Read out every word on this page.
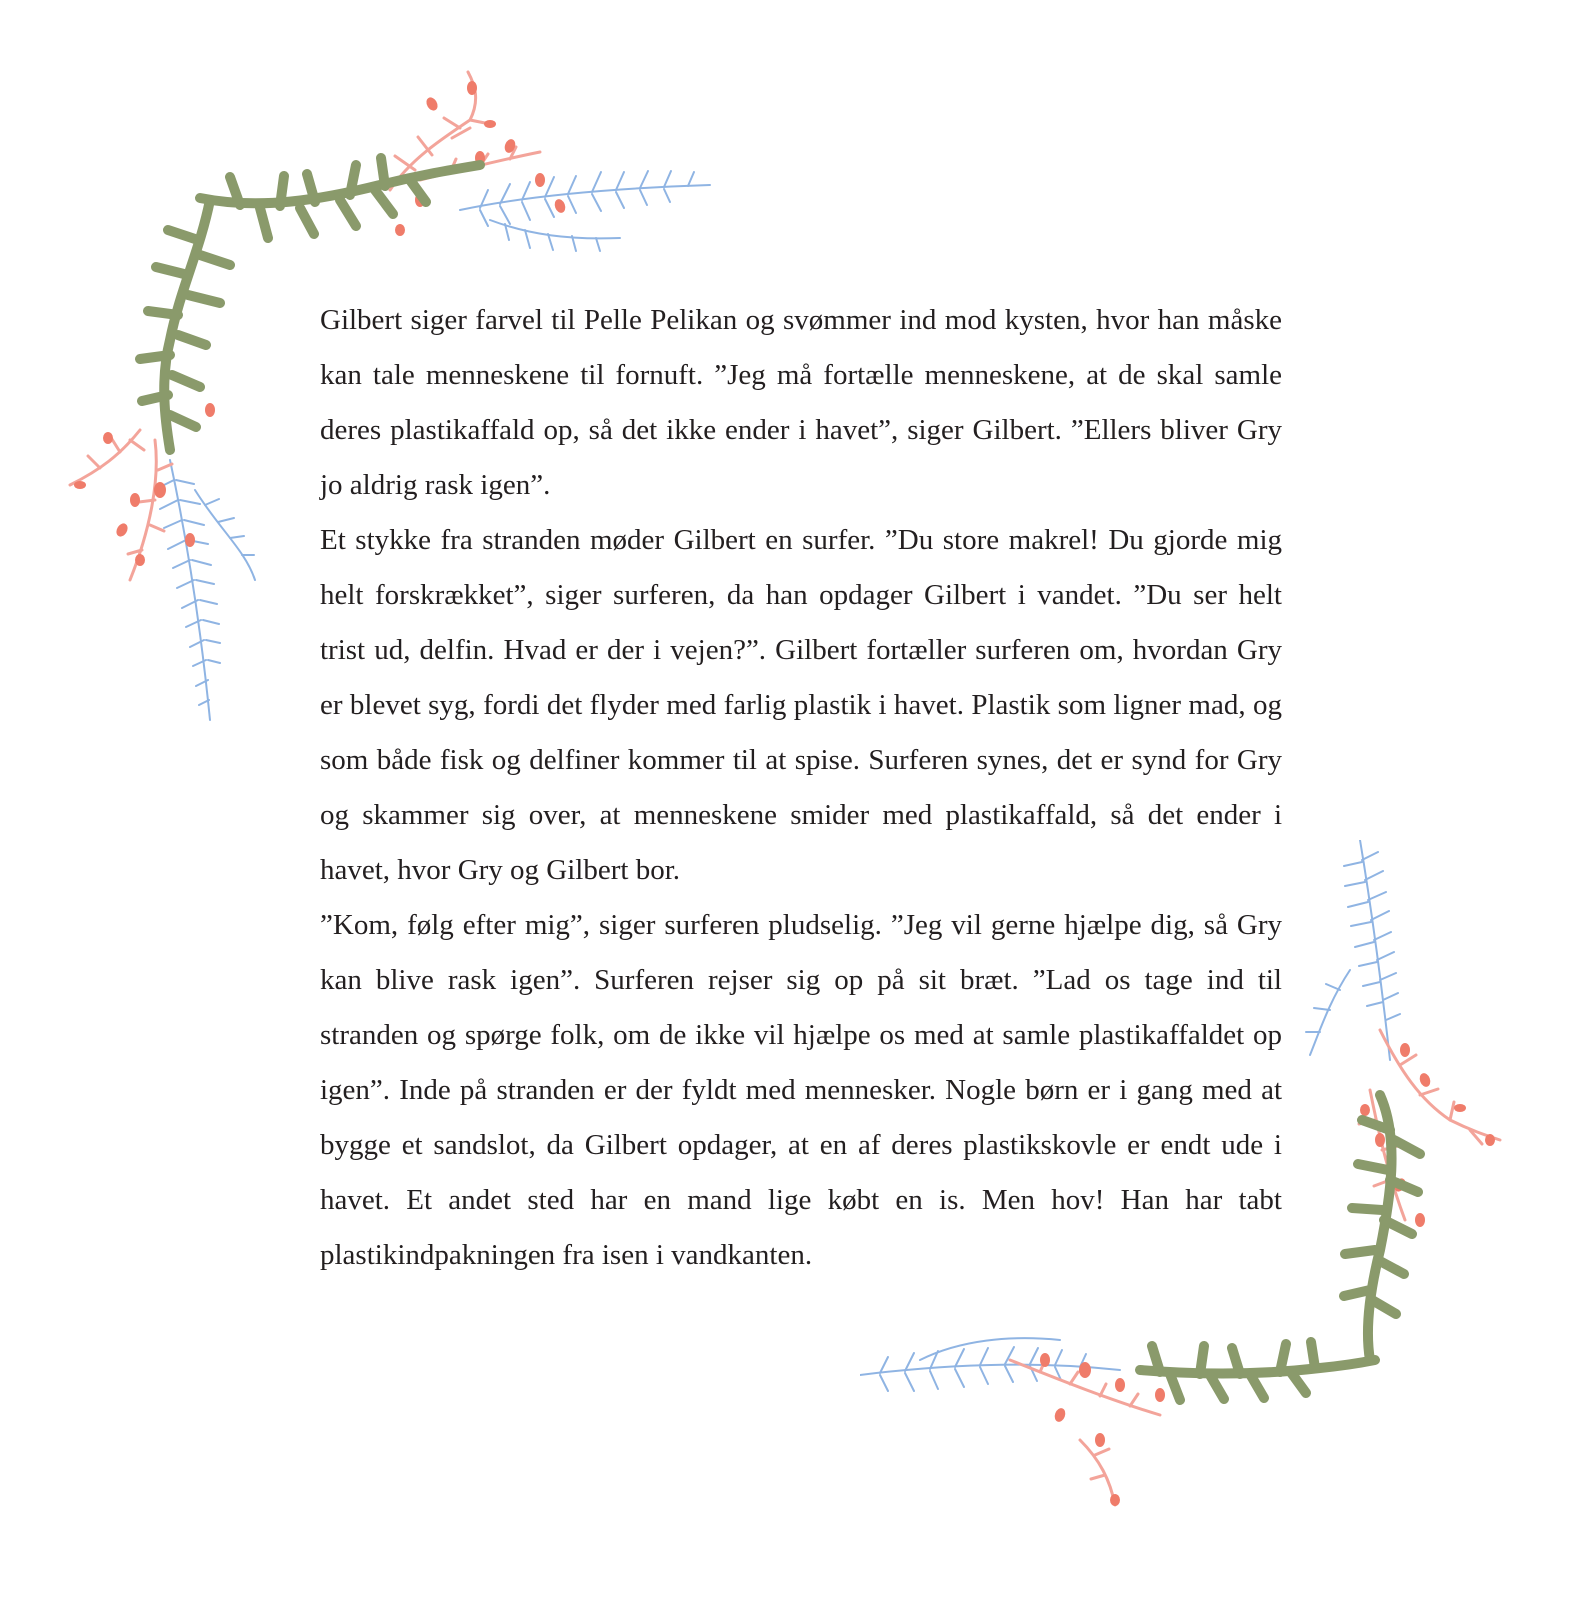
Gilbert siger farvel til Pelle Pelikan og svømmer ind mod kysten, hvor han måske kan tale menneskene til fornuft. ”Jeg må fortælle menneskene, at de skal samle deres plastikaffald op, så det ikke ender i havet”, siger Gilbert. ”Ellers bliver Gry jo aldrig rask igen”.

Et stykke fra stranden møder Gilbert en surfer. ”Du store makrel! Du gjorde mig helt forskrækket”, siger surferen, da han opdager Gilbert i vandet. ”Du ser helt trist ud, delfin. Hvad er der i vejen?”. Gilbert fortæller surferen om, hvordan Gry er blevet syg, fordi det flyder med farlig plastik i havet. Plastik som ligner mad, og som både fisk og delfiner kommer til at spise. Surferen synes, det er synd for Gry og skammer sig over, at menneskene smider med plastikaffald, så det ender i havet, hvor Gry og Gilbert bor.

”Kom, følg efter mig”, siger surferen pludselig. ”Jeg vil gerne hjælpe dig, så Gry kan blive rask igen”. Surferen rejser sig op på sit bræt. ”Lad os tage ind til stranden og spørge folk, om de ikke vil hjælpe os med at samle plastikaffaldet op igen”. Inde på stranden er der fyldt med mennesker. Nogle børn er i gang med at bygge et sandslot, da Gilbert opdager, at en af deres plastikskovle er endt ude i havet. Et andet sted har en mand lige købt en is. Men hov! Han har tabt plastikindpakningen fra isen i vandkanten.
